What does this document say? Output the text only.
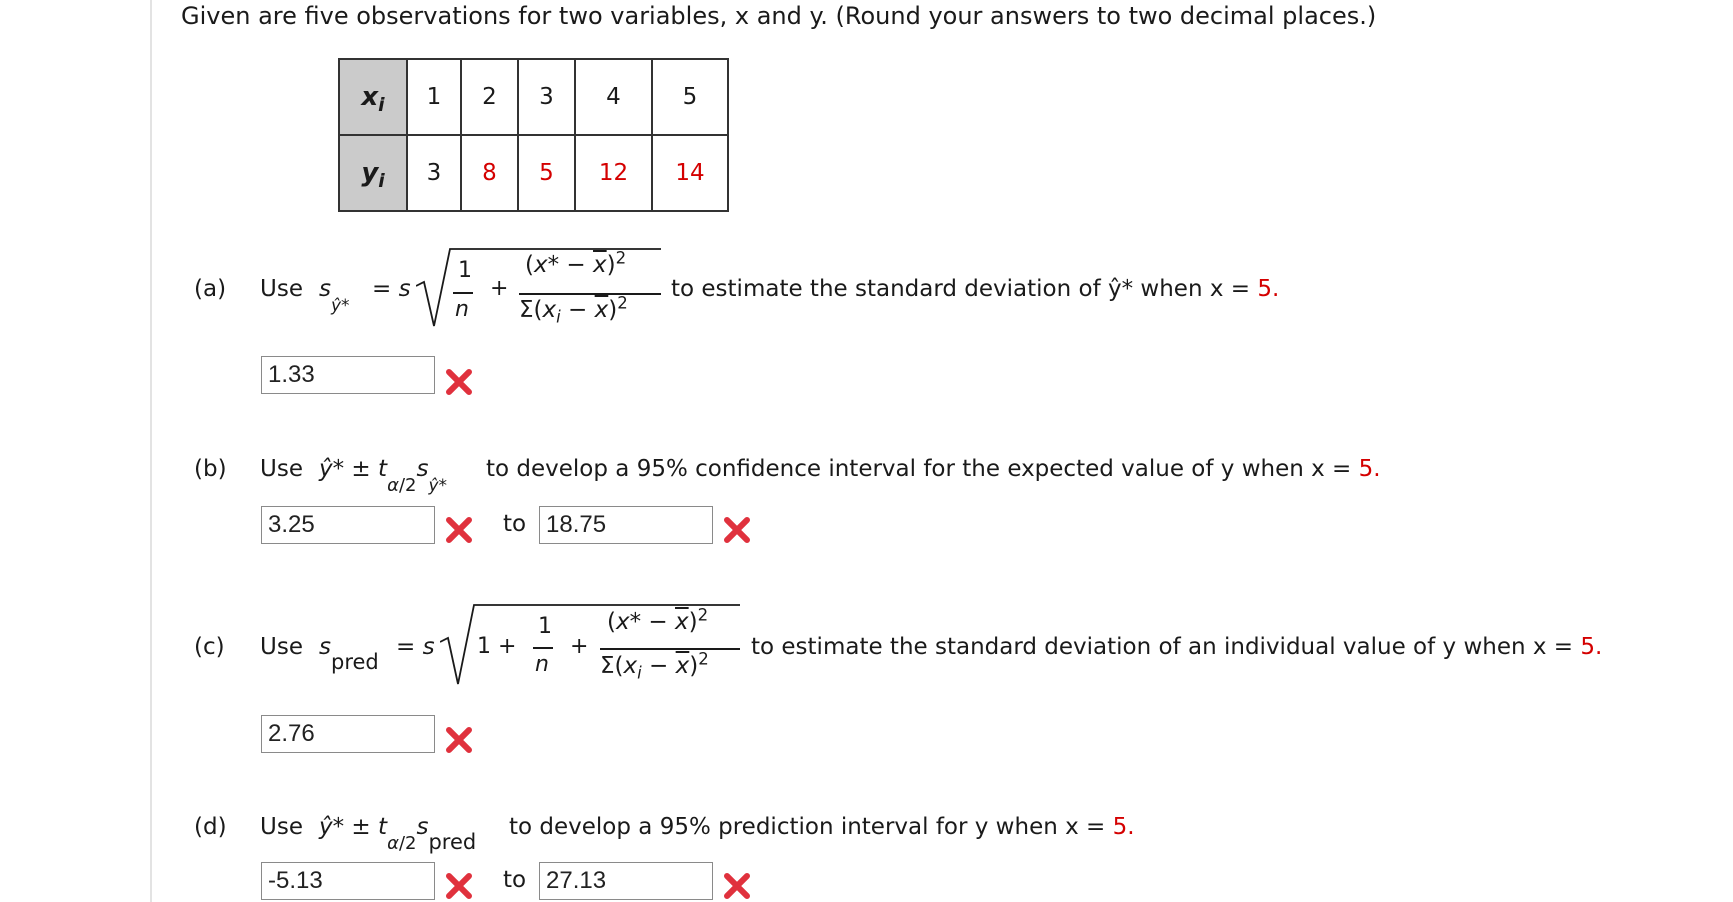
Given are five observations for two variables, x and y. (Round your answers to two decimal places.)
$x_i$	1	2	3	4	5
$y_i$	3	8	5	12	14
(a) Use $s_{ŷ*}$
= s
1
n
+
$(x* - \overline{x})^2$
$\Sigma(x_i - \overline{x})^2$
to estimate the standard deviation of ŷ* when x = 5.
1.33
(b) Use ŷ* ± $t_{\alpha/2}s_{ŷ*}$
to develop a 95% confidence interval for the expected value of y when x = 5.
3.25	to 18.75
(c) Use $s_{pred}$
= s 1 +
1
n
+
$(x* - \overline{x})^2$
$\Sigma(x_i - \overline{x})^2$ to estimate the standard deviation of an individual value of y when x = 5.
2.76
(d) Use ŷ* ± $t_{\alpha/2}s_{pred}$
to develop a 95% prediction interval for y when x = 5.
-5.13	to 27.13
